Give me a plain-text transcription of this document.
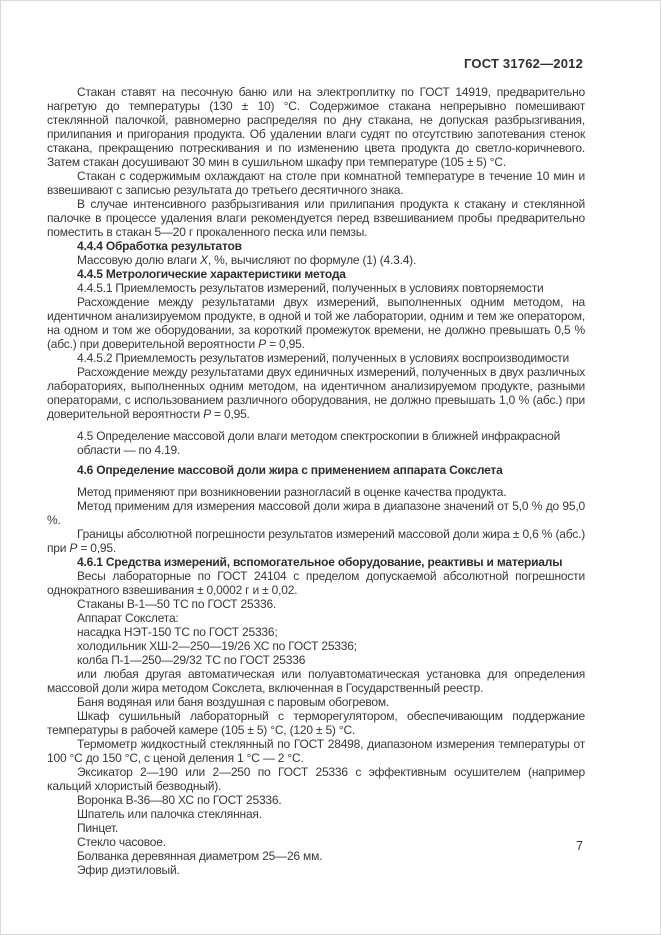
ГОСТ 31762—2012

Стакан ставят на песочную баню или на электроплитку по ГОСТ 14919, предварительно нагретую до температуры (130 ± 10) °С. Содержимое стакана непрерывно помешивают стеклянной палочкой, равномерно распределяя по дну стакана, не допуская разбрызгивания, прилипания и пригорания продукта. Об удалении влаги судят по отсутствию запотевания стенок стакана, прекращению потрескивания и по изменению цвета продукта до светло-коричневого. Затем стакан досушивают 30 мин в сушильном шкафу при температуре (105 ± 5) °С.

Стакан с содержимым охлаждают на столе при комнатной температуре в течение 10 мин и взвешивают с записью результата до третьего десятичного знака.

В случае интенсивного разбрызгивания или прилипания продукта к стакану и стеклянной палочке в процессе удаления влаги рекомендуется перед взвешиванием пробы предварительно поместить в стакан 5—20 г прокаленного песка или пемзы.

4.4.4 Обработка результатов

Массовую долю влаги X, %, вычисляют по формуле (1) (4.3.4).

4.4.5 Метрологические характеристики метода

4.4.5.1 Приемлемость результатов измерений, полученных в условиях повторяемости

Расхождение между результатами двух измерений, выполненных одним методом, на идентичном анализируемом продукте, в одной и той же лаборатории, одним и тем же оператором, на одном и том же оборудовании, за короткий промежуток времени, не должно превышать 0,5 % (абс.) при доверительной вероятности P = 0,95.

4.4.5.2 Приемлемость результатов измерений, полученных в условиях воспроизводимости

Расхождение между результатами двух единичных измерений, полученных в двух различных лабораториях, выполненных одним методом, на идентичном анализируемом продукте, разными операторами, с использованием различного оборудования, не должно превышать 1,0 % (абс.) при доверительной вероятности P = 0,95.

4.5 Определение массовой доли влаги методом спектроскопии в ближней инфракрасной области — по 4.19.

4.6 Определение массовой доли жира с применением аппарата Сокслета

Метод применяют при возникновении разногласий в оценке качества продукта.

Метод применим для измерения массовой доли жира в диапазоне значений от 5,0 % до 95,0 %.

Границы абсолютной погрешности результатов измерений массовой доли жира ± 0,6 % (абс.) при P = 0,95.

4.6.1 Средства измерений, вспомогательное оборудование, реактивы и материалы

Весы лабораторные по ГОСТ 24104 с пределом допускаемой абсолютной погрешности однократного взвешивания ± 0,0002 г и ± 0,02.

Стаканы В-1—50 ТС по ГОСТ 25336.

Аппарат Сокслета:

насадка НЭТ-150 ТС по ГОСТ 25336;

холодильник ХШ-2—250—19/26 ХС по ГОСТ 25336;

колба П-1—250—29/32 ТС по ГОСТ 25336

или любая другая автоматическая или полуавтоматическая установка для определения массовой доли жира методом Сокслета, включенная в Государственный реестр.

Баня водяная или баня воздушная с паровым обогревом.

Шкаф сушильный лабораторный с терморегулятором, обеспечивающим поддержание температуры в рабочей камере (105 ± 5) °С, (120 ± 5) °С.

Термометр жидкостный стеклянный по ГОСТ 28498, диапазоном измерения температуры от 100 °С до 150 °С, с ценой деления 1 °С — 2 °С.

Эксикатор 2—190 или 2—250 по ГОСТ 25336 с эффективным осушителем (например кальций хлористый безводный).

Воронка В-36—80 ХС по ГОСТ 25336.

Шпатель или палочка стеклянная.

Пинцет.

Стекло часовое.

Болванка деревянная диаметром 25—26 мм.

Эфир диэтиловый.

7
